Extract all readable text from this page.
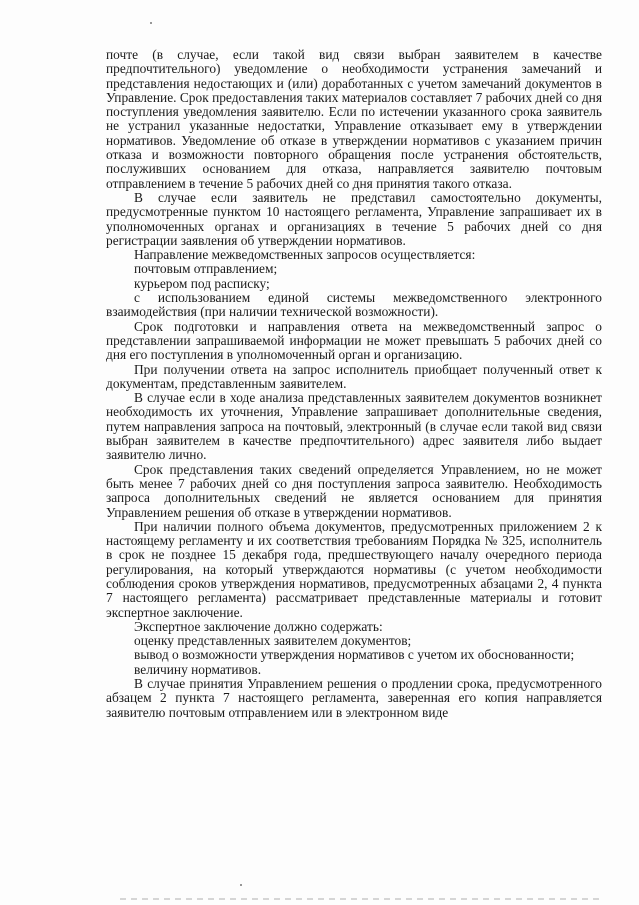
почте (в случае, если такой вид связи выбран заявителем в качестве предпочтительного) уведомление о необходимости устранения замечаний и представления недостающих и (или) доработанных с учетом замечаний документов в Управление. Срок предоставления таких материалов составляет 7 рабочих дней со дня поступления уведомления заявителю. Если по истечении указанного срока заявитель не устранил указанные недостатки, Управление отказывает ему в утверждении нормативов. Уведомление об отказе в утверждении нормативов с указанием причин отказа и возможности повторного обращения после устранения обстоятельств, послуживших основанием для отказа, направляется заявителю почтовым отправлением в течение 5 рабочих дней со дня принятия такого отказа.

В случае если заявитель не представил самостоятельно документы, предусмотренные пунктом 10 настоящего регламента, Управление запрашивает их в уполномоченных органах и организациях в течение 5 рабочих дней со дня регистрации заявления об утверждении нормативов.

Направление межведомственных запросов осуществляется:

почтовым отправлением;

курьером под расписку;

с использованием единой системы межведомственного электронного взаимодействия (при наличии технической возможности).

Срок подготовки и направления ответа на межведомственный запрос о представлении запрашиваемой информации не может превышать 5 рабочих дней со дня его поступления в уполномоченный орган и организацию.

При получении ответа на запрос исполнитель приобщает полученный ответ к документам, представленным заявителем.

В случае если в ходе анализа представленных заявителем документов возникнет необходимость их уточнения, Управление запрашивает дополнительные сведения, путем направления запроса на почтовый, электронный (в случае если такой вид связи выбран заявителем в качестве предпочтительного) адрес заявителя либо выдает заявителю лично.

Срок представления таких сведений определяется Управлением, но не может быть менее 7 рабочих дней со дня поступления запроса заявителю. Необходимость запроса дополнительных сведений не является основанием для принятия Управлением решения об отказе в утверждении нормативов.

При наличии полного объема документов, предусмотренных приложением 2 к настоящему регламенту и их соответствия требованиям Порядка № 325, исполнитель в срок не позднее 15 декабря года, предшествующего началу очередного периода регулирования, на который утверждаются нормативы (с учетом необходимости соблюдения сроков утверждения нормативов, предусмотренных абзацами 2, 4 пункта 7 настоящего регламента) рассматривает представленные материалы и готовит экспертное заключение.

Экспертное заключение должно содержать:

оценку представленных заявителем документов;

вывод о возможности утверждения нормативов с учетом их обоснованности;

величину нормативов.

В случае принятия Управлением решения о продлении срока, предусмотренного абзацем 2 пункта 7 настоящего регламента, заверенная его копия направляется заявителю почтовым отправлением или в электронном виде
